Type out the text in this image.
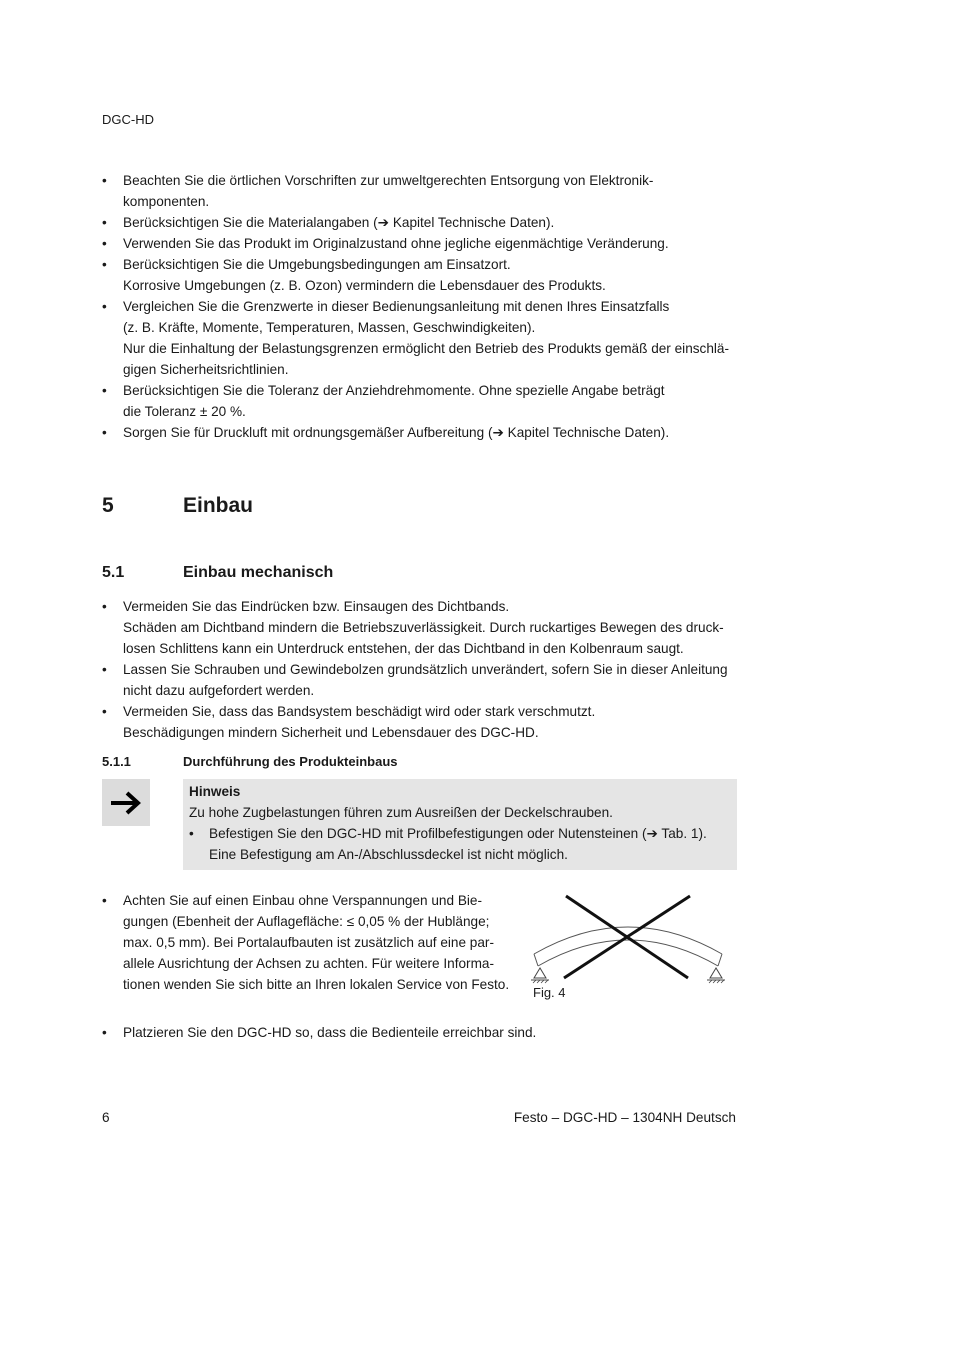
DGC-HD
• Beachten Sie die örtlichen Vorschriften zur umweltgerechten Entsorgung von Elektronik-
komponenten.
• Berücksichtigen Sie die Materialangaben (➔ Kapitel Technische Daten).
• Verwenden Sie das Produkt im Originalzustand ohne jegliche eigenmächtige Veränderung.
• Berücksichtigen Sie die Umgebungsbedingungen am Einsatzort.
Korrosive Umgebungen (z. B. Ozon) vermindern die Lebensdauer des Produkts.
• Vergleichen Sie die Grenzwerte in dieser Bedienungsanleitung mit denen Ihres Einsatzfalls
(z. B. Kräfte, Momente, Temperaturen, Massen, Geschwindigkeiten).
Nur die Einhaltung der Belastungsgrenzen ermöglicht den Betrieb des Produkts gemäß der einschlä-
gigen Sicherheitsrichtlinien.
• Berücksichtigen Sie die Toleranz der Anziehdrehmomente. Ohne spezielle Angabe beträgt
die Toleranz ± 20 %.
• Sorgen Sie für Druckluft mit ordnungsgemäßer Aufbereitung (➔ Kapitel Technische Daten).
5	Einbau
5.1	Einbau mechanisch
• Vermeiden Sie das Eindrücken bzw. Einsaugen des Dichtbands.
Schäden am Dichtband mindern die Betriebszuverlässigkeit. Durch ruckartiges Bewegen des druck-
losen Schlittens kann ein Unterdruck entstehen, der das Dichtband in den Kolbenraum saugt.
• Lassen Sie Schrauben und Gewindebolzen grundsätzlich unverändert, sofern Sie in dieser Anleitung
nicht dazu aufgefordert werden.
• Vermeiden Sie, dass das Bandsystem beschädigt wird oder stark verschmutzt.
Beschädigungen mindern Sicherheit und Lebensdauer des DGC-HD.
5.1.1	Durchführung des Produkteinbaus
Hinweis
Zu hohe Zugbelastungen führen zum Ausreißen der Deckelschrauben.
• Befestigen Sie den DGC-HD mit Profilbefestigungen oder Nutensteinen (➔ Tab. 1).
Eine Befestigung am An-/Abschlussdeckel ist nicht möglich.
• Achten Sie auf einen Einbau ohne Verspannungen und Bie-
gungen (Ebenheit der Auflagefläche: ≤ 0,05 % der Hublänge;
max. 0,5 mm). Bei Portalaufbauten ist zusätzlich auf eine par-
allele Ausrichtung der Achsen zu achten. Für weitere Informa-
tionen wenden Sie sich bitte an Ihren lokalen Service von Festo.
Fig. 4
• Platzieren Sie den DGC-HD so, dass die Bedienteile erreichbar sind.
6	Festo – DGC-HD – 1304NH Deutsch
